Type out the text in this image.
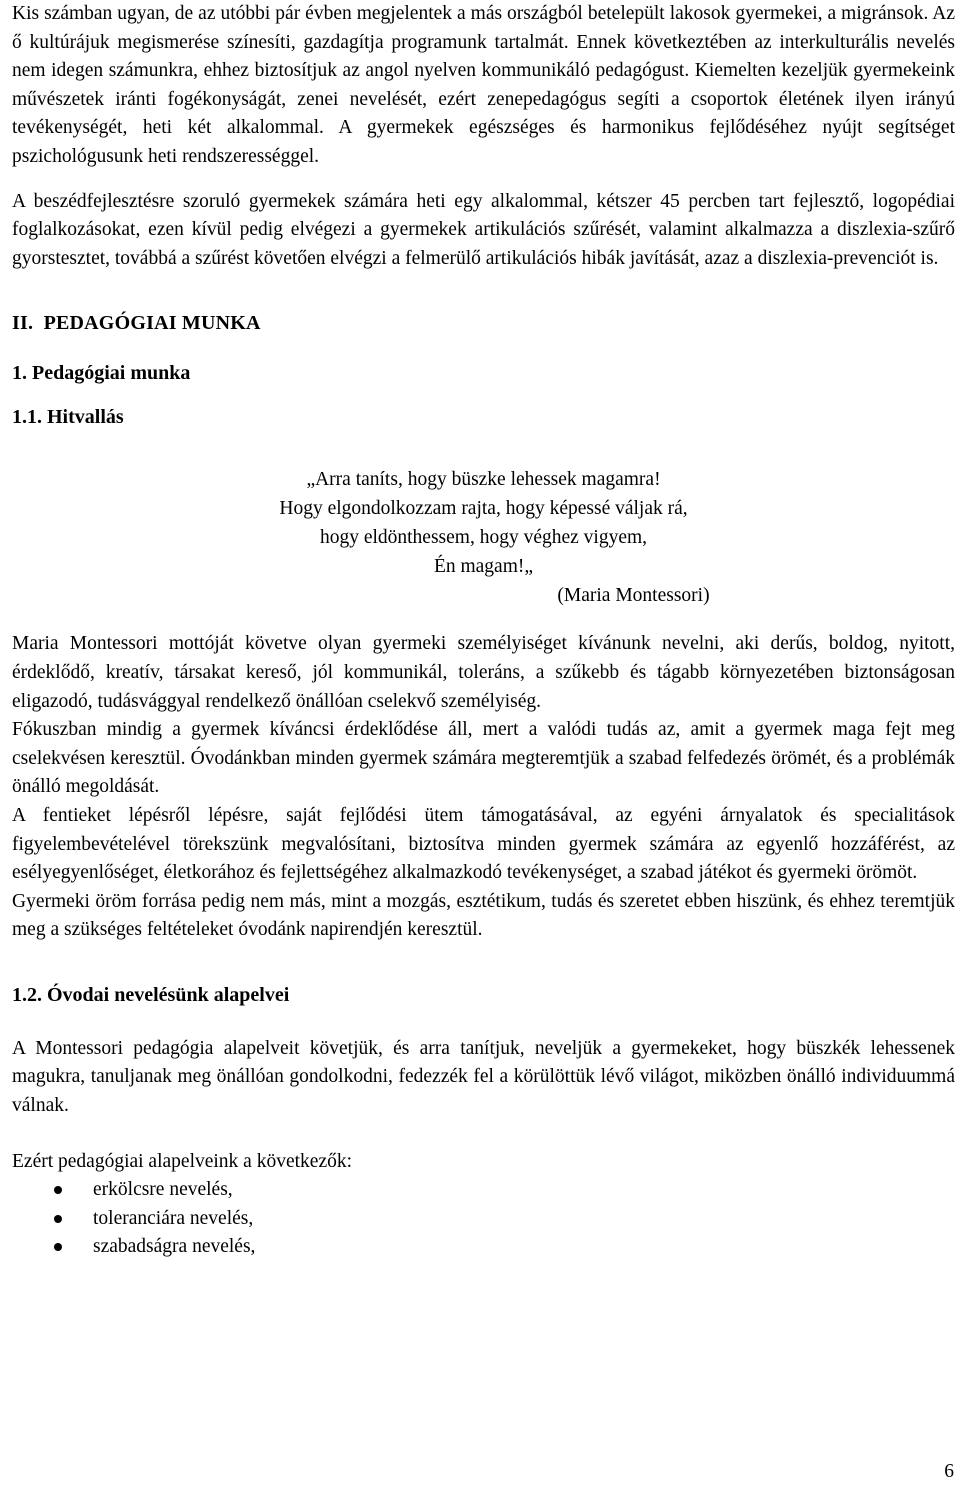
Kis számban ugyan, de az utóbbi pár évben megjelentek a más országból betelepült lakosok gyermekei, a migránsok. Az ő kultúrájuk megismerése színesíti, gazdagítja programunk tartalmát. Ennek következtében az interkulturális nevelés nem idegen számunkra, ehhez biztosítjuk az angol nyelven kommunikáló pedagógust. Kiemelten kezeljük gyermekeink művészetek iránti fogékonyságát, zenei nevelését, ezért zenepedagógus segíti a csoportok életének ilyen irányú tevékenységét, heti két alkalommal. A gyermekek egészséges és harmonikus fejlődéséhez nyújt segítséget pszichológusunk heti rendszerességgel.

A beszédfejlesztésre szoruló gyermekek számára heti egy alkalommal, kétszer 45 percben tart fejlesztő, logopédiai foglalkozásokat, ezen kívül pedig elvégezi a gyermekek artikulációs szűrését, valamint alkalmazza a diszlexia-szűrő gyorstesztet, továbbá a szűrést követően elvégzi a felmerülő artikulációs hibák javítását, azaz a diszlexia-prevenciót is.

II.  PEDAGÓGIAI MUNKA
1. Pedagógiai munka
1.1. Hitvallás
„Arra taníts, hogy büszke lehessek magamra!
Hogy elgondolkozzam rajta, hogy képessé váljak rá,
hogy eldönthessem, hogy véghez vigyem,
Én magam!„
(Maria Montessori)

Maria Montessori mottóját követve olyan gyermeki személyiséget kívánunk nevelni, aki derűs, boldog, nyitott, érdeklődő, kreatív, társakat kereső, jól kommunikál, toleráns, a szűkebb és tágabb környezetében biztonságosan eligazodó, tudásvággyal rendelkező önállóan cselekvő személyiség.

Fókuszban mindig a gyermek kíváncsi érdeklődése áll, mert a valódi tudás az, amit a gyermek maga fejt meg cselekvésen keresztül. Óvodánkban minden gyermek számára megteremtjük a szabad felfedezés örömét, és a problémák önálló megoldását.

A fentieket lépésről lépésre, saját fejlődési ütem támogatásával, az egyéni árnyalatok és specialitások figyelembevételével törekszünk megvalósítani, biztosítva minden gyermek számára az egyenlő hozzáférést, az esélyegyenlőséget, életkorához és fejlettségéhez alkalmazkodó tevékenységet, a szabad játékot és gyermeki örömöt.

Gyermeki öröm forrása pedig nem más, mint a mozgás, esztétikum, tudás és szeretet ebben hiszünk, és ehhez teremtjük meg a szükséges feltételeket óvodánk napirendjén keresztül.

1.2. Óvodai nevelésünk alapelvei

A Montessori pedagógia alapelveit követjük, és arra tanítjuk, neveljük a gyermekeket, hogy büszkék lehessenek magukra, tanuljanak meg önállóan gondolkodni, fedezzék fel a körülöttük lévő világot, miközben önálló individuummá válnak.

Ezért pedagógiai alapelveink a következők:

erkölcsre nevelés,
toleranciára nevelés,
szabadságra nevelés,
6
